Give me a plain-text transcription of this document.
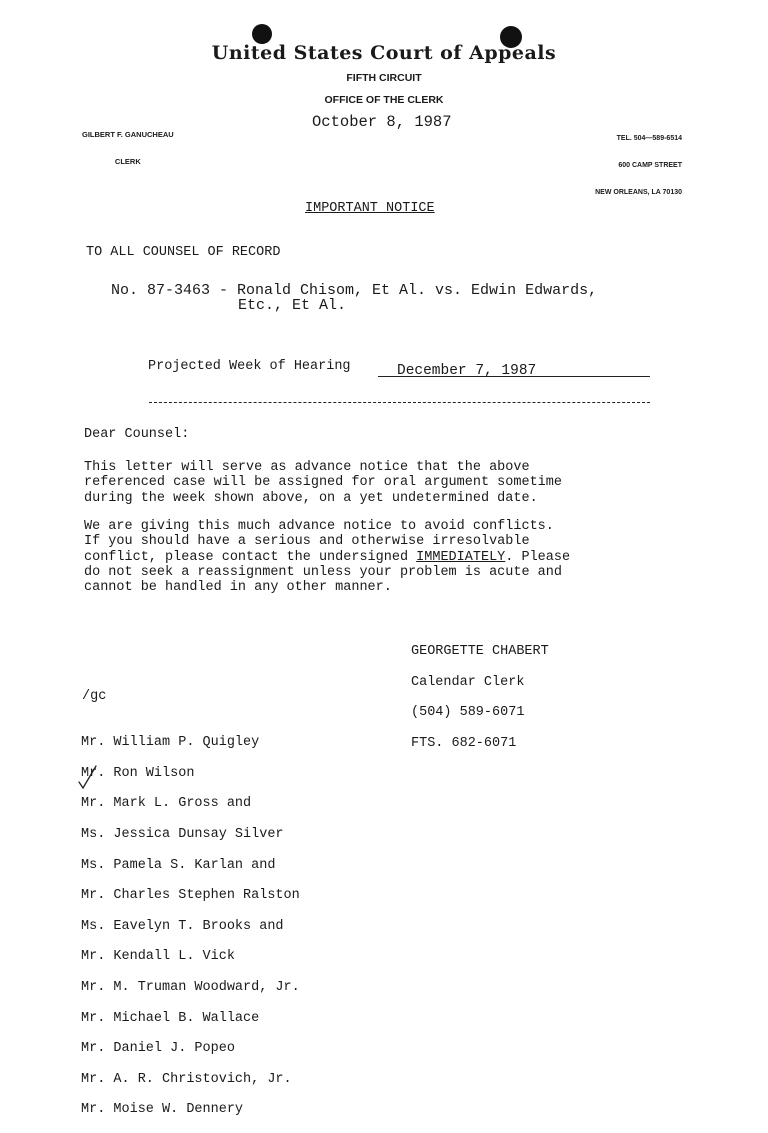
United States Court of Appeals
FIFTH CIRCUIT
OFFICE OF THE CLERK

GILBERT F. GANUCHEAU

CLERK

TEL. 504—589-6514

600 CAMP STREET

NEW ORLEANS, LA 70130

October 8, 1987
IMPORTANT NOTICE
TO ALL COUNSEL OF RECORD
No. 87-3463 - Ronald Chisom, Et Al. vs. Edwin Edwards,
Etc., Et Al.
Projected Week of Hearing	December 7, 1987
Dear Counsel:
This letter will serve as advance notice that the above
referenced case will be assigned for oral argument sometime
during the week shown above, on a yet undetermined date.
We are giving this much advance notice to avoid conflicts.
If you should have a serious and otherwise irresolvable
conflict, please contact the undersigned IMMEDIATELY. Please
do not seek a reassignment unless your problem is acute and
cannot be handled in any other manner.

GEORGETTE CHABERT

Calendar Clerk

(504) 589-6071

FTS. 682-6071

/gc

Mr. William P. Quigley

Mr. Ron Wilson

Mr. Mark L. Gross and

Ms. Jessica Dunsay Silver

Ms. Pamela S. Karlan and

Mr. Charles Stephen Ralston

Ms. Eavelyn T. Brooks and

Mr. Kendall L. Vick

Mr. M. Truman Woodward, Jr.

Mr. Michael B. Wallace

Mr. Daniel J. Popeo

Mr. A. R. Christovich, Jr.

Mr. Moise W. Dennery
